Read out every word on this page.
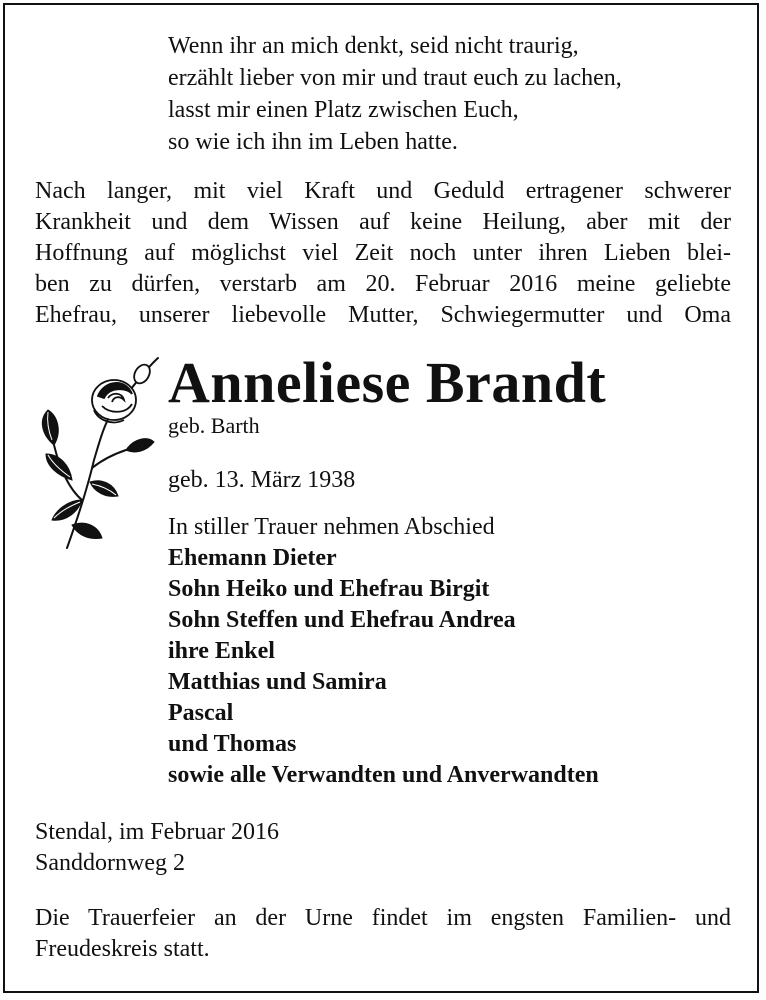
Wenn ihr an mich denkt, seid nicht traurig,
erzählt lieber von mir und traut euch zu lachen,
lasst mir einen Platz zwischen Euch,
so wie ich ihn im Leben hatte.
Nach langer, mit viel Kraft und Geduld ertragener schwerer
Krankheit und dem Wissen auf keine Heilung, aber mit der
Hoffnung auf möglichst viel Zeit noch unter ihren Lieben blei-
ben zu dürfen, verstarb am 20. Februar 2016 meine geliebte
Ehefrau, unserer liebevolle Mutter, Schwiegermutter und Oma
Anneliese Brandt
geb. Barth
geb. 13. März 1938
In stiller Trauer nehmen Abschied
Ehemann Dieter
Sohn Heiko und Ehefrau Birgit
Sohn Steffen und Ehefrau Andrea
ihre Enkel
Matthias und Samira
Pascal
und Thomas
sowie alle Verwandten und Anverwandten
Stendal, im Februar 2016
Sanddornweg 2
Die Trauerfeier an der Urne findet im engsten Familien- und
Freudeskreis statt.
